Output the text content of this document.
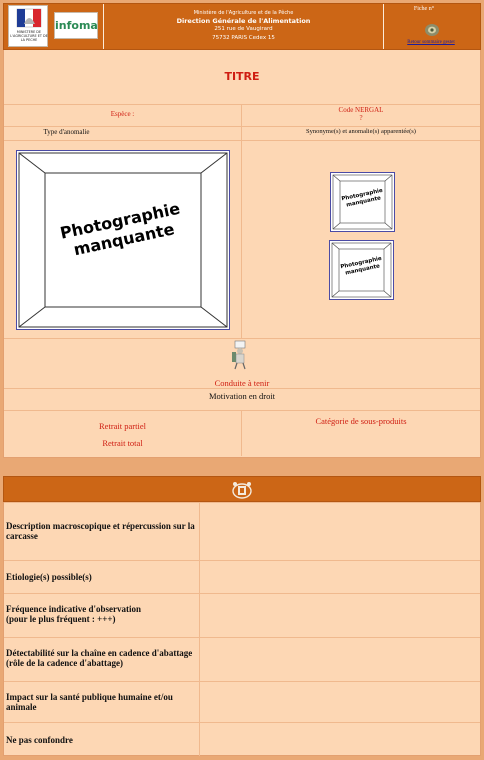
MINISTERE DE L'AGRICULTURE ET DE LA PECHE
infoma
Ministère de l'Agriculture et de la Pêche
Direction Générale de l'Alimentation
251 rue de Vaugirard
75732 PARIS Cedex 15
Fiche n°
Retour sommaire gestet
TITRE
Espèce :	Code NERGAL
?
Type d'anomalie	Synonyme(s) et anomalie(s) apparentée(s)
Photographie manquante
Photographie manquante
Photographie manquante
Conduite à tenir
Motivation en droit
Retrait partiel
Retrait total
Catégorie de sous-produits
Description macroscopique et répercussion sur la carcasse
Etiologie(s) possible(s)
Fréquence indicative d'observation (pour le plus fréquent : +++)
Détectabilité sur la chaîne en cadence d'abattage (rôle de la cadence d'abattage)
Impact sur la santé publique humaine et/ou animale
Ne pas confondre
